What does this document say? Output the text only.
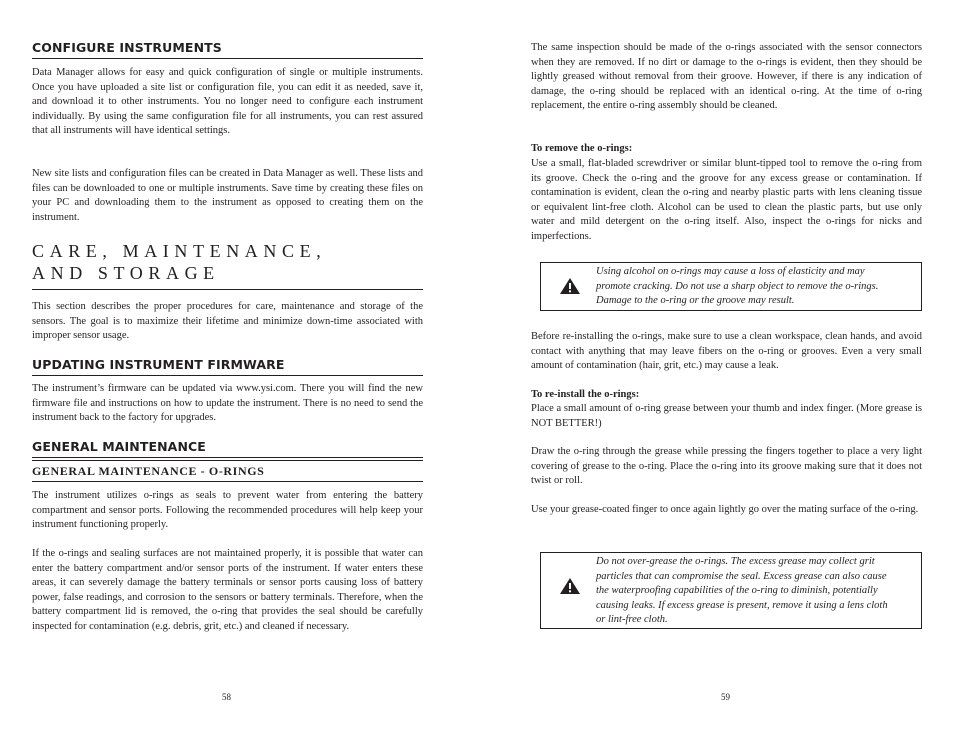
CONFIGURE INSTRUMENTS

Data Manager allows for easy and quick configuration of single or multiple instruments. Once you have uploaded a site list or configuration file, you can edit it as needed, save it, and download it to other instruments. You no longer need to configure each instrument individually. By using the same configuration file for all instruments, you can rest assured that all instruments will have identical settings.

New site lists and configuration files can be created in Data Manager as well. These lists and files can be downloaded to one or multiple instruments. Save time by creating these files on your PC and downloading them to the instrument as opposed to creating them on the instrument.

CARE, MAINTENANCE,
AND STORAGE

This section describes the proper procedures for care, maintenance and storage of the sensors. The goal is to maximize their lifetime and minimize down-time associated with improper sensor usage.

UPDATING INSTRUMENT FIRMWARE

The instrument’s firmware can be updated via www.ysi.com. There you will find the new firmware file and instructions on how to update the instrument. There is no need to send the instrument back to the factory for upgrades.

GENERAL MAINTENANCE
GENERAL MAINTENANCE - O-RINGS

The instrument utilizes o-rings as seals to prevent water from entering the battery compartment and sensor ports. Following the recommended procedures will help keep your instrument functioning properly.

If the o-rings and sealing surfaces are not maintained properly, it is possible that water can enter the battery compartment and/or sensor ports of the instrument. If water enters these areas, it can severely damage the battery terminals or sensor ports causing loss of battery power, false readings, and corrosion to the sensors or battery terminals. Therefore, when the battery compartment lid is removed, the o-ring that provides the seal should be carefully inspected for contamination (e.g. debris, grit, etc.) and cleaned if necessary.

58

The same inspection should be made of the o-rings associated with the sensor connectors when they are removed. If no dirt or damage to the o-rings is evident, then they should be lightly greased without removal from their groove. However, if there is any indication of damage, the o-ring should be replaced with an identical o-ring. At the time of o-ring replacement, the entire o-ring assembly should be cleaned.

To remove the o-rings:

Use a small, flat-bladed screwdriver or similar blunt-tipped tool to remove the o-ring from its groove. Check the o-ring and the groove for any excess grease or contamination. If contamination is evident, clean the o-ring and nearby plastic parts with lens cleaning tissue or equivalent lint-free cloth. Alcohol can be used to clean the plastic parts, but use only water and mild detergent on the o-ring itself. Also, inspect the o-rings for nicks and imperfections.

Using alcohol on o-rings may cause a loss of elasticity and may promote cracking. Do not use a sharp object to remove the o-rings. Damage to the o-ring or the groove may result.

Before re-installing the o-rings, make sure to use a clean workspace, clean hands, and avoid contact with anything that may leave fibers on the o-ring or grooves. Even a very small amount of contamination (hair, grit, etc.) may cause a leak.

To re-install the o-rings:

Place a small amount of o-ring grease between your thumb and index finger. (More grease is NOT BETTER!)

Draw the o-ring through the grease while pressing the fingers together to place a very light covering of grease to the o-ring. Place the o-ring into its groove making sure that it does not twist or roll.

Use your grease-coated finger to once again lightly go over the mating surface of the o-ring.

Do not over-grease the o-rings. The excess grease may collect grit particles that can compromise the seal. Excess grease can also cause the waterproofing capabilities of the o-ring to diminish, potentially causing leaks. If excess grease is present, remove it using a lens cloth or lint-free cloth.

59
